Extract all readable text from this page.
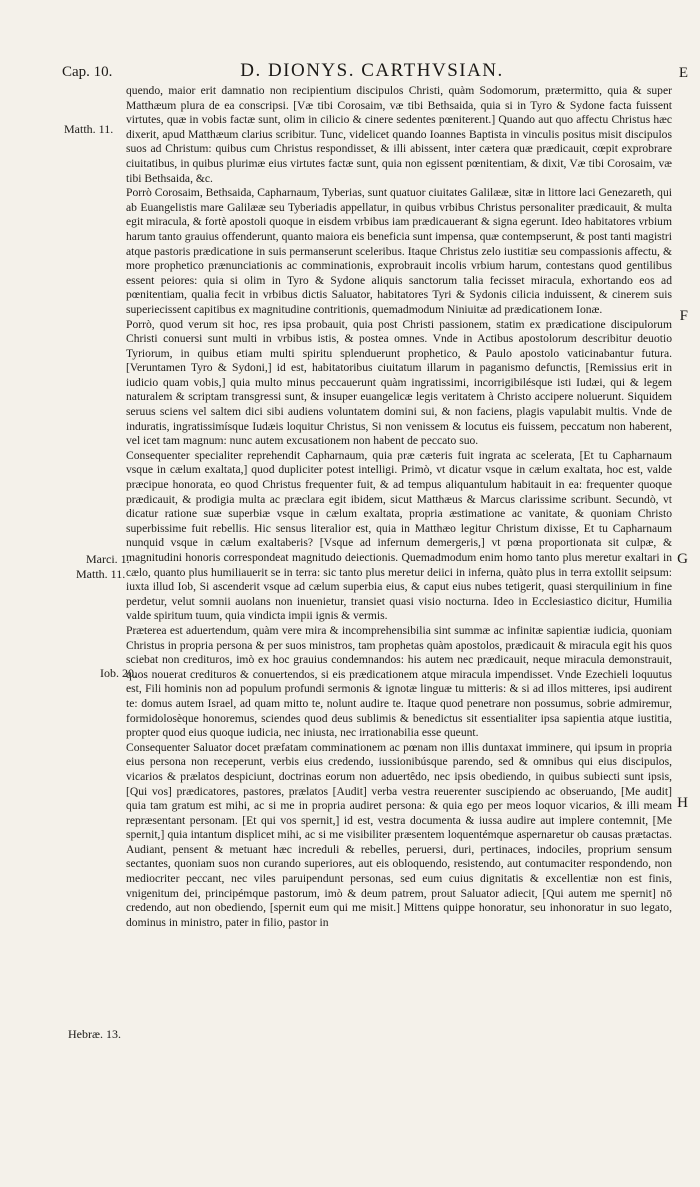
Cap. 10.	D. DIONYS. CARTHVSIAN.
Matth. 11.
Marci. 1.
Matth. 11.
Iob. 20.
Hebræ. 13.
E
F
G
H

quendo, maior erit damnatio non recipientium discipulos Christi, quàm Sodomorum, prætermitto, quia & super Matthæum plura de ea conscripsi. [Væ tibi Corosaim, væ tibi Bethsaida, quia si in Tyro & Sydone facta fuissent virtutes, quæ in vobis factæ sunt, olim in cilicio & cinere sedentes pœniterent.] Quando aut quo affectu Christus hæc dixerit, apud Matthæum clarius scribitur. Tunc, videlicet quando Ioannes Baptista in vinculis positus misit discipulos suos ad Christum: quibus cum Christus respondisset, & illi abissent, inter cætera quæ prædicauit, cœpit exprobrare ciuitatibus, in quibus plurimæ eius virtutes factæ sunt, quia non egissent pœnitentiam, & dixit, Væ tibi Corosaim, væ tibi Bethsaida, &c.

Porrò Corosaim, Bethsaida, Capharnaum, Tyberias, sunt quatuor ciuitates Galilææ, sitæ in littore laci Genezareth, qui ab Euangelistis mare Galilææ seu Tyberiadis appellatur, in quibus vrbibus Christus personaliter prædicauit, & multa egit miracula, & fortè apostoli quoque in eisdem vrbibus iam prædicauerant & signa egerunt. Ideo habitatores vrbium harum tanto grauius offenderunt, quanto maiora eis beneficia sunt impensa, quæ contempserunt, & post tanti magistri atque pastoris prædicatione in suis permanserunt sceleribus. Itaque Christus zelo iustitiæ seu compassionis affectu, & more prophetico prænunciationis ac comminationis, exprobrauit incolis vrbium harum, contestans quod gentilibus essent peiores: quia si olim in Tyro & Sydone aliquis sanctorum talia fecisset miracula, exhortando eos ad pœnitentiam, qualia fecit in vrbibus dictis Saluator, habitatores Tyri & Sydonis cilicia induissent, & cinerem suis superiecissent capitibus ex magnitudine contritionis, quemadmodum Niniuitæ ad prædicationem Ionæ.

Porrò, quod verum sit hoc, res ipsa probauit, quia post Christi passionem, statim ex prædicatione discipulorum Christi conuersi sunt multi in vrbibus istis, & postea omnes. Vnde in Actibus apostolorum describitur deuotio Tyriorum, in quibus etiam multi spiritu splenduerunt prophetico, & Paulo apostolo vaticinabantur futura. [Veruntamen Tyro & Sydoni,] id est, habitatoribus ciuitatum illarum in paganismo defunctis, [Remissius erit in iudicio quam vobis,] quia multo minus peccauerunt quàm ingratissimi, incorrigibilésque isti Iudæi, qui & legem naturalem & scriptam transgressi sunt, & insuper euangelicæ legis veritatem à Christo accipere noluerunt. Siquidem seruus sciens vel saltem dici sibi audiens voluntatem domini sui, & non faciens, plagis vapulabit multis. Vnde de induratis, ingratissimísque Iudæis loquitur Christus, Si non venissem & locutus eis fuissem, peccatum non haberent, vel icet tam magnum: nunc autem excusationem non habent de peccato suo.

Consequenter specialiter reprehendit Capharnaum, quia præ cæteris fuit ingrata ac scelerata, [Et tu Capharnaum vsque in cælum exaltata,] quod dupliciter potest intelligi. Primò, vt dicatur vsque in cælum exaltata, hoc est, valde præcipue honorata, eo quod Christus frequenter fuit, & ad tempus aliquantulum habitauit in ea: frequenter quoque prædicauit, & prodigia multa ac præclara egit ibidem, sicut Matthæus & Marcus clarissime scribunt. Secundò, vt dicatur ratione suæ superbiæ vsque in cælum exaltata, propria æstimatione ac vanitate, & quoniam Christo superbissime fuit rebellis. Hic sensus literalior est, quia in Matthæo legitur Christum dixisse, Et tu Capharnaum nunquid vsque in cælum exaltaberis? [Vsque ad infernum demergeris,] vt pœna proportionata sit culpæ, & magnitudini honoris correspondeat magnitudo deiectionis. Quemadmodum enim homo tanto plus meretur exaltari in cælo, quanto plus humiliauerit se in terra: sic tanto plus meretur deiici in inferna, quàto plus in terra extollit seipsum: iuxta illud Iob, Si ascenderit vsque ad cælum superbia eius, & caput eius nubes tetigerit, quasi sterquilinium in fine perdetur, velut somnii auolans non inuenietur, transiet quasi visio nocturna. Ideo in Ecclesiastico dicitur, Humilia valde spiritum tuum, quia vindicta impii ignis & vermis.

Præterea est aduertendum, quàm vere mira & incomprehensibilia sint summæ ac infinitæ sapientiæ iudicia, quoniam Christus in propria persona & per suos ministros, tam prophetas quàm apostolos, prædicauit & miracula egit his quos sciebat non credituros, imò ex hoc grauius condemnandos: his autem nec prædicauit, neque miracula demonstrauit, quos nouerat credituros & conuertendos, si eis prædicationem atque miracula impendisset. Vnde Ezechieli loquutus est, Fili hominis non ad populum profundi sermonis & ignotæ linguæ tu mitteris: & si ad illos mitteres, ipsi audirent te: domus autem Israel, ad quam mitto te, nolunt audire te. Itaque quod penetrare non possumus, sobrie admiremur, formidolosèque honoremus, sciendes quod deus sublimis & benedictus sit essentialiter ipsa sapientia atque iustitia, propter quod eius quoque iudicia, nec iniusta, nec irrationabilia esse queunt.

Consequenter Saluator docet præfatam comminationem ac pœnam non illis duntaxat imminere, qui ipsum in propria eius persona non receperunt, verbis eius credendo, iussionibúsque parendo, sed & omnibus qui eius discipulos, vicarios & prælatos despiciunt, doctrinas eorum non aduertêdo, nec ipsis obediendo, in quibus subiecti sunt ipsis, [Qui vos] prædicatores, pastores, prælatos [Audit] verba vestra reuerenter suscipiendo ac obseruando, [Me audit] quia tam gratum est mihi, ac si me in propria audiret persona: & quia ego per meos loquor vicarios, & illi meam repræsentant personam. [Et qui vos spernit,] id est, vestra documenta & iussa audire aut implere contemnit, [Me spernit,] quia intantum displicet mihi, ac si me visibiliter præsentem loquentémque aspernaretur ob causas prætactas. Audiant, pensent & metuant hæc increduli & rebelles, peruersi, duri, pertinaces, indociles, proprium sensum sectantes, quoniam suos non curando superiores, aut eis obloquendo, resistendo, aut contumaciter respondendo, non mediocriter peccant, nec viles paruipendunt personas, sed eum cuius dignitatis & excellentiæ non est finis, vnigenitum dei, principémque pastorum, imò & deum patrem, prout Saluator adiecit, [Qui autem me spernit] nō credendo, aut non obediendo, [spernit eum qui me misit.] Mittens quippe honoratur, seu inhonoratur in suo legato, dominus in ministro, pater in filio, pastor in
